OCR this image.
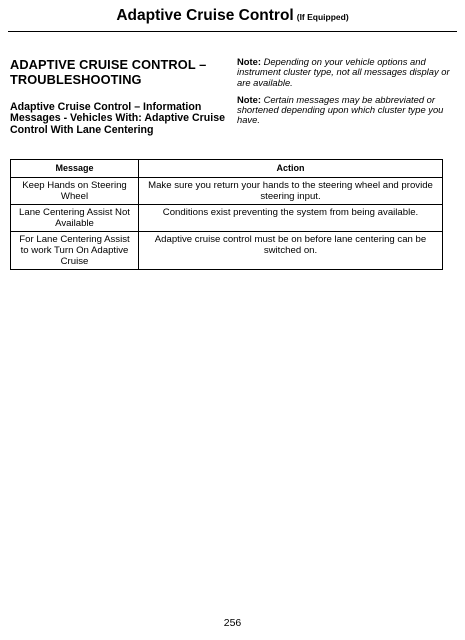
Adaptive Cruise Control (If Equipped)
ADAPTIVE CRUISE CONTROL – TROUBLESHOOTING
Adaptive Cruise Control – Information Messages - Vehicles With: Adaptive Cruise Control With Lane Centering

Note: Depending on your vehicle options and instrument cluster type, not all messages display or are available.

Note: Certain messages may be abbreviated or shortened depending upon which cluster type you have.

Message	Action
Keep Hands on Steering Wheel	Make sure you return your hands to the steering wheel and provide steering input.
Lane Centering Assist Not Available	Conditions exist preventing the system from being available.
For Lane Centering Assist to work Turn On Adaptive Cruise	Adaptive cruise control must be on before lane centering can be switched on.
256
